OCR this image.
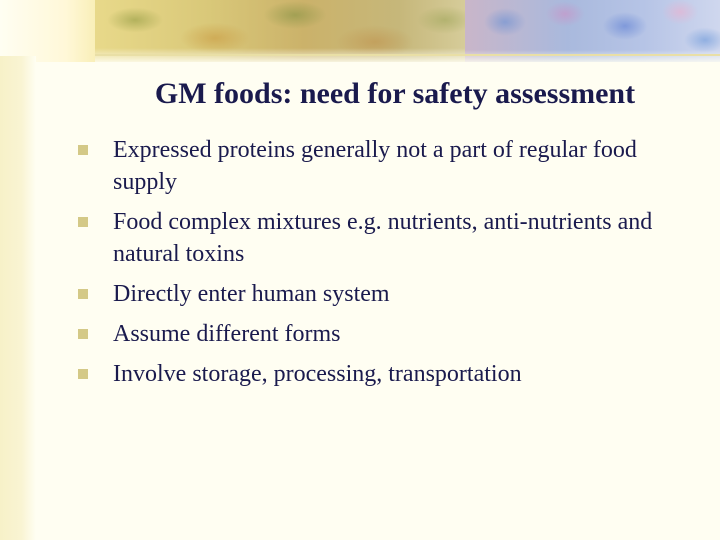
GM foods: need for safety assessment
Expressed proteins generally not a part of regular food supply
Food complex mixtures e.g. nutrients, anti-nutrients and natural toxins
Directly enter human system
Assume different forms
Involve storage, processing, transportation
